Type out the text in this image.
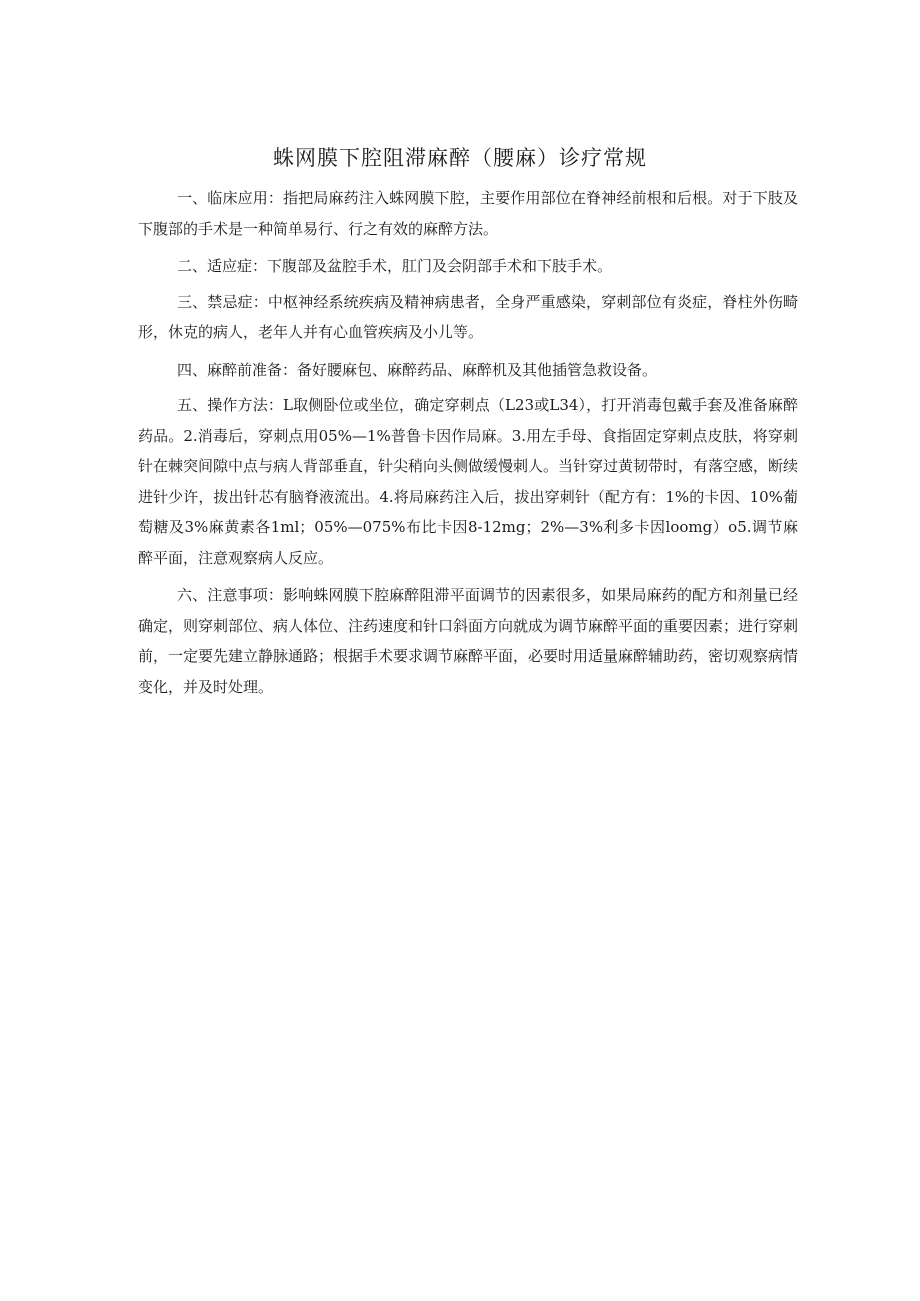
蛛网膜下腔阻滞麻醉（腰麻）诊疗常规

一、临床应用：指把局麻药注入蛛网膜下腔，主要作用部位在脊神经前根和后根。对于下肢及下腹部的手术是一种简单易行、行之有效的麻醉方法。

二、适应症：下腹部及盆腔手术，肛门及会阴部手术和下肢手术。

三、禁忌症：中枢神经系统疾病及精神病患者，全身严重感染，穿刺部位有炎症，脊柱外伤畸形，休克的病人，老年人并有心血管疾病及小儿等。

四、麻醉前准备：备好腰麻包、麻醉药品、麻醉机及其他插管急救设备。

五、操作方法：L取侧卧位或坐位，确定穿刺点（L23或L34），打开消毒包戴手套及准备麻醉药品。2.消毒后，穿刺点用05%—1%普鲁卡因作局麻。3.用左手母、食指固定穿刺点皮肤，将穿刺针在棘突间隙中点与病人背部垂直，针尖稍向头侧做缓慢刺人。当针穿过黄韧带时，有落空感，断续进针少许，拔出针芯有脑脊液流出。4.将局麻药注入后，拔出穿刺针（配方有：1%的卡因、10%葡萄糖及3%麻黄素各1ml；05%—075%布比卡因8-12mg；2%—3%利多卡因loomg）o5.调节麻醉平面，注意观察病人反应。

六、注意事项：影响蛛网膜下腔麻醉阻滞平面调节的因素很多，如果局麻药的配方和剂量已经确定，则穿刺部位、病人体位、注药速度和针口斜面方向就成为调节麻醉平面的重要因素；进行穿刺前，一定要先建立静脉通路；根据手术要求调节麻醉平面，必要时用适量麻醉辅助药，密切观察病情变化，并及时处理。
